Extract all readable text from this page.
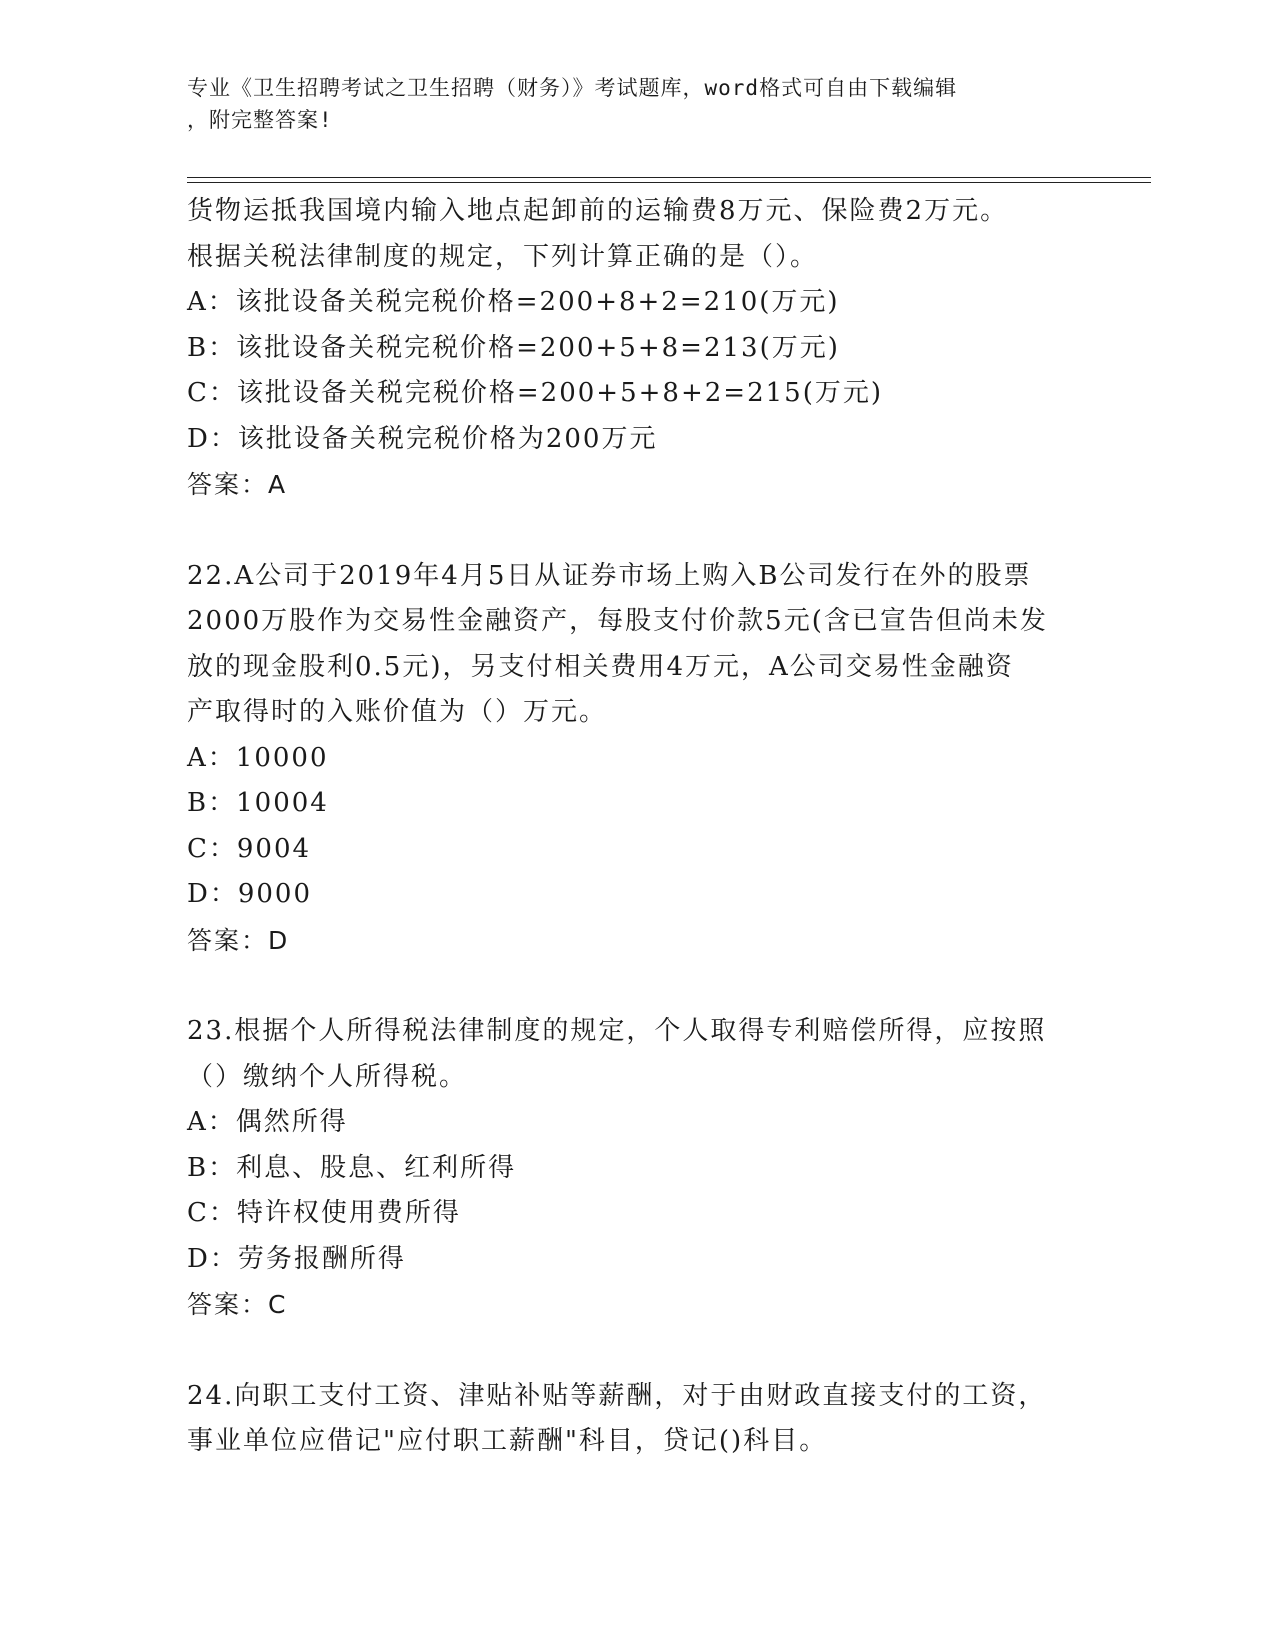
专业《卫生招聘考试之卫生招聘（财务）》考试题库，word格式可自由下载编辑
，附完整答案!
货物运抵我国境内输入地点起卸前的运输费8万元、保险费2万元。
根据关税法律制度的规定，下列计算正确的是（）。
A：该批设备关税完税价格=200+8+2=210(万元)
B：该批设备关税完税价格=200+5+8=213(万元)
C：该批设备关税完税价格=200+5+8+2=215(万元)
D：该批设备关税完税价格为200万元
答案：A
22.A公司于2019年4月5日从证券市场上购入B公司发行在外的股票
2000万股作为交易性金融资产，每股支付价款5元(含已宣告但尚未发
放的现金股利0.5元)，另支付相关费用4万元，A公司交易性金融资
产取得时的入账价值为（）万元。
A：10000
B：10004
C：9004
D：9000
答案：D
23.根据个人所得税法律制度的规定，个人取得专利赔偿所得，应按照
（）缴纳个人所得税。
A：偶然所得
B：利息、股息、红利所得
C：特许权使用费所得
D：劳务报酬所得
答案：C
24.向职工支付工资、津贴补贴等薪酬，对于由财政直接支付的工资，
事业单位应借记"应付职工薪酬"科目，贷记()科目。
